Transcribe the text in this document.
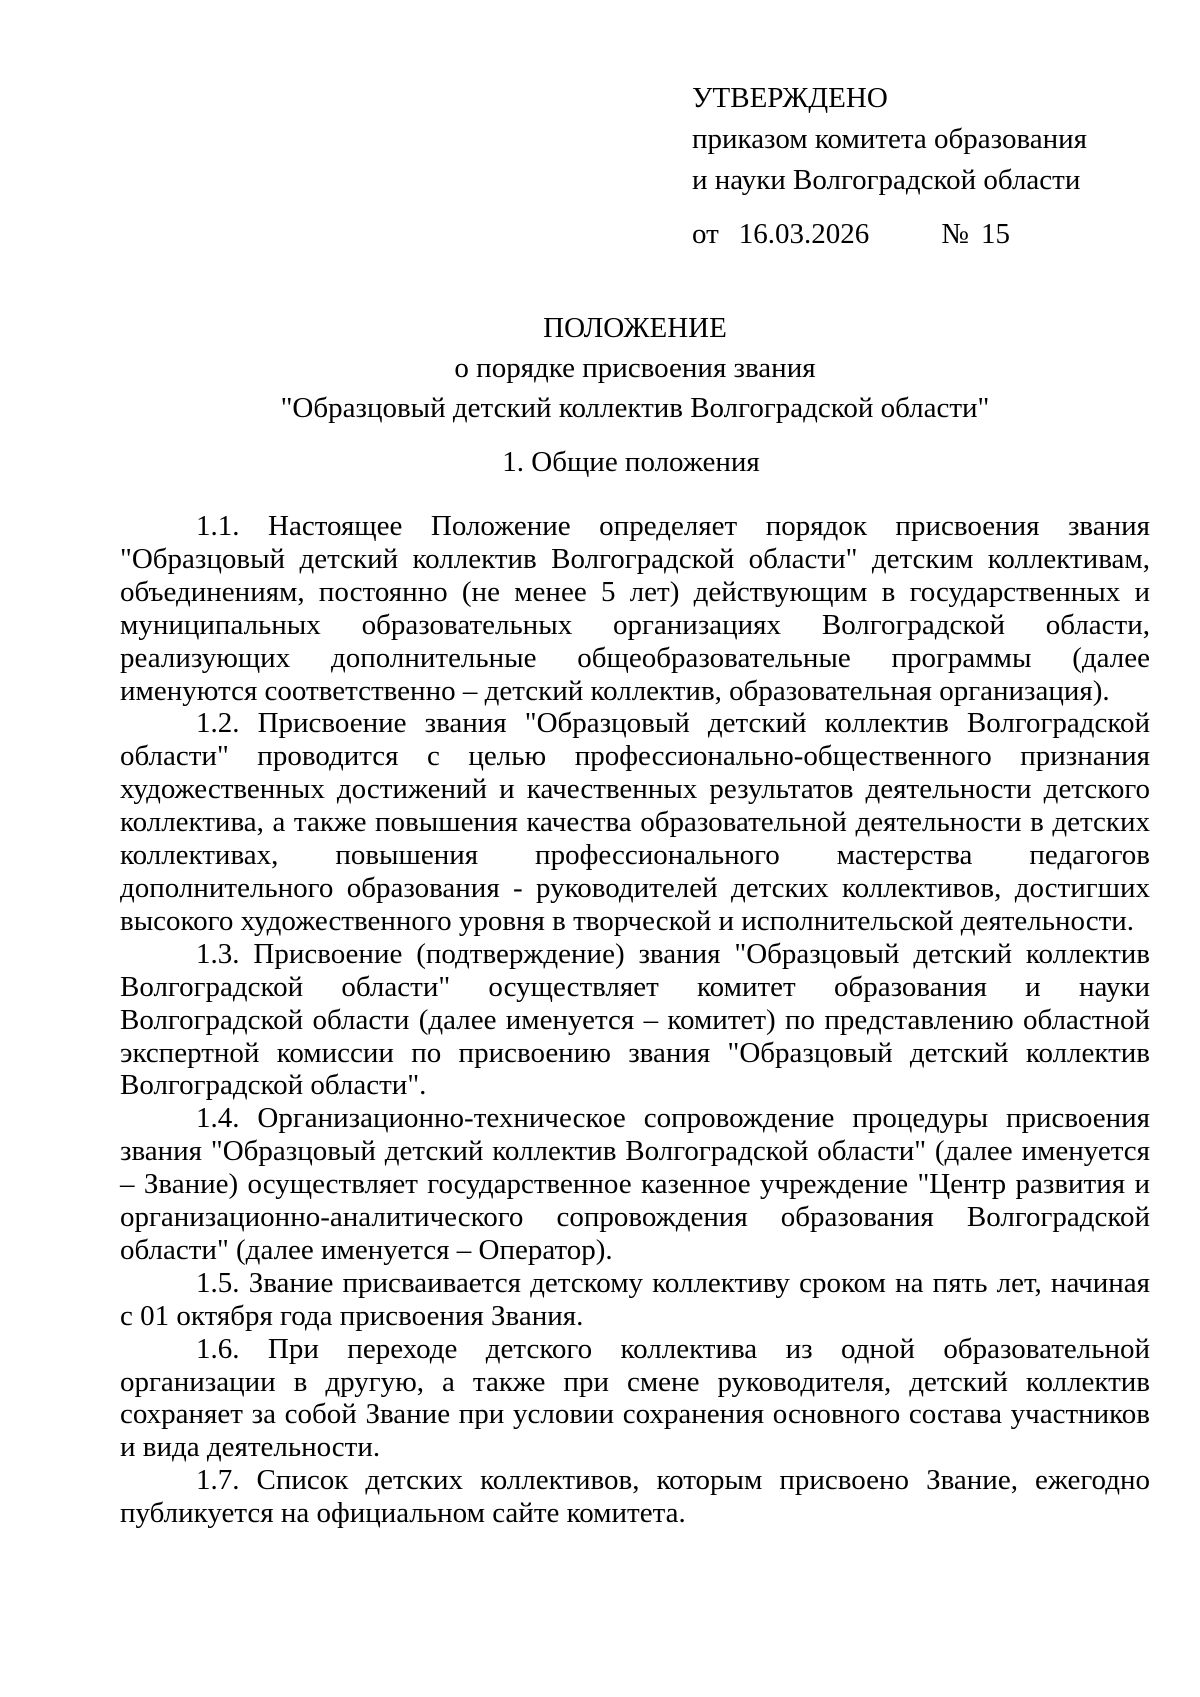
УТВЕРЖДЕНО
приказом комитета образования
и науки Волгоградской области
от 16.03.2026 № 15
ПОЛОЖЕНИЕ
о порядке присвоения звания
"Образцовый детский коллектив Волгоградской области"
1. Общие положения

1.1. Настоящее Положение определяет порядок присвоения звания "Образцовый детский коллектив Волгоградской области" детским коллективам, объединениям, постоянно (не менее 5 лет) действующим в государственных и муниципальных образовательных организациях Волгоградской области, реализующих дополнительные общеобразовательные программы (далее именуются соответственно – детский коллектив, образовательная организация).

1.2. Присвоение звания "Образцовый детский коллектив Волгоградской области" проводится с целью профессионально-общественного признания художественных достижений и качественных результатов деятельности детского коллектива, а также повышения качества образовательной деятельности в детских коллективах, повышения профессионального мастерства педагогов дополнительного образования - руководителей детских коллективов, достигших высокого художественного уровня в творческой и исполнительской деятельности.

1.3. Присвоение (подтверждение) звания "Образцовый детский коллектив Волгоградской области" осуществляет комитет образования и науки Волгоградской области (далее именуется – комитет) по представлению областной экспертной комиссии по присвоению звания "Образцовый детский коллектив Волгоградской области".

1.4. Организационно-техническое сопровождение процедуры присвоения звания "Образцовый детский коллектив Волгоградской области" (далее именуется – Звание) осуществляет государственное казенное учреждение "Центр развития и организационно-аналитического сопровождения образования Волгоградской области" (далее именуется – Оператор).

1.5. Звание присваивается детскому коллективу сроком на пять лет, начиная с 01 октября года присвоения Звания.

1.6. При переходе детского коллектива из одной образовательной организации в другую, а также при смене руководителя, детский коллектив сохраняет за собой Звание при условии сохранения основного состава участников и вида деятельности.

1.7. Список детских коллективов, которым присвоено Звание, ежегодно публикуется на официальном сайте комитета.
